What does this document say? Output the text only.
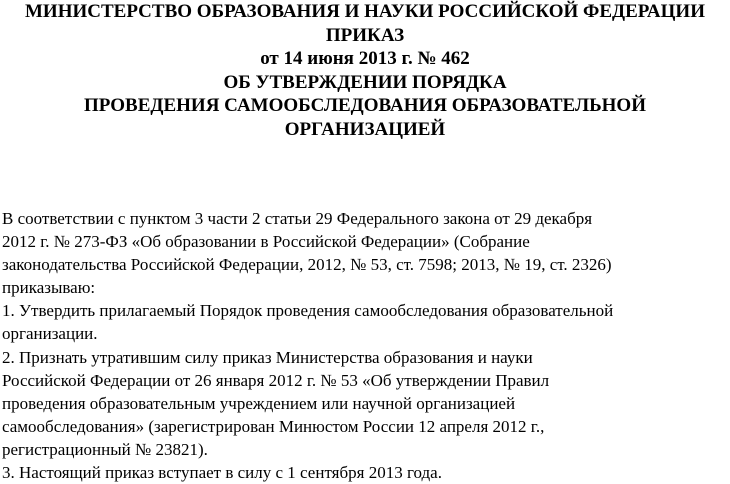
МИНИСТЕРСТВО ОБРАЗОВАНИЯ И НАУКИ РОССИЙСКОЙ ФЕДЕРАЦИИ
ПРИКАЗ
от 14 июня 2013 г. № 462
ОБ УТВЕРЖДЕНИИ ПОРЯДКА
ПРОВЕДЕНИЯ САМООБСЛЕДОВАНИЯ ОБРАЗОВАТЕЛЬНОЙ
ОРГАНИЗАЦИЕЙ
В соответствии с пунктом 3 части 2 статьи 29 Федерального закона от 29 декабря
2012 г. № 273-ФЗ «Об образовании в Российской Федерации» (Собрание
законодательства Российской Федерации, 2012, № 53, ст. 7598; 2013, № 19, ст. 2326)
приказываю:
1. Утвердить прилагаемый Порядок проведения самообследования образовательной
организации.
2. Признать утратившим силу приказ Министерства образования и науки
Российской Федерации от 26 января 2012 г. № 53 «Об утверждении Правил
проведения образовательным учреждением или научной организацией
самообследования» (зарегистрирован Минюстом России 12 апреля 2012 г.,
регистрационный № 23821).
3. Настоящий приказ вступает в силу с 1 сентября 2013 года.
